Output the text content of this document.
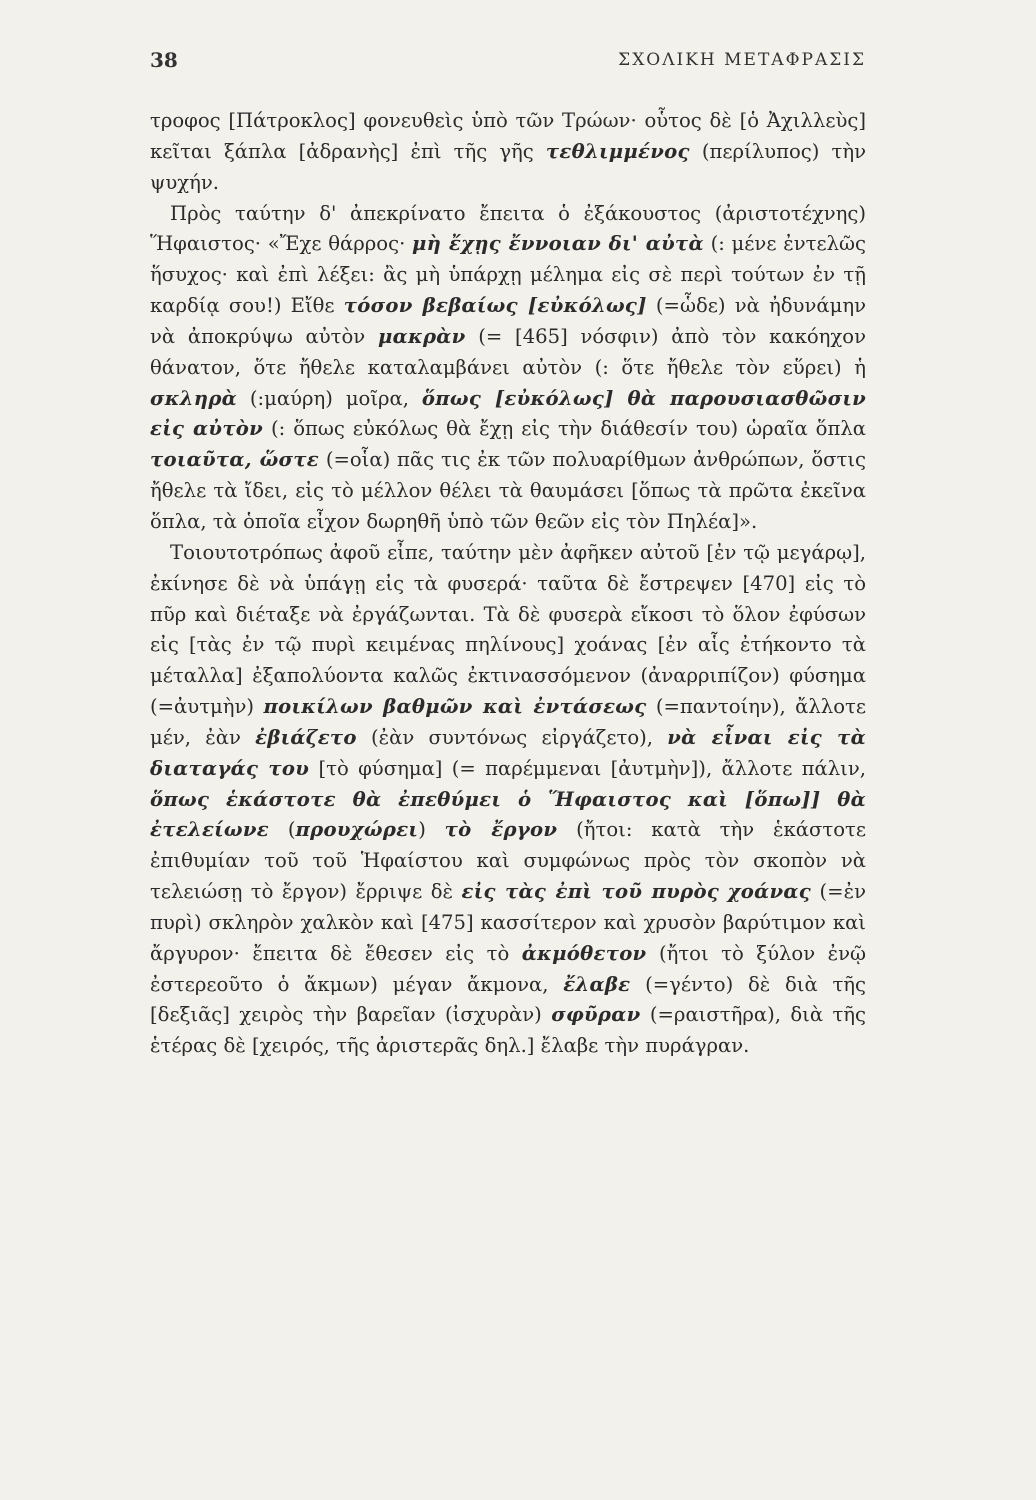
38	ΣΧΟΛΙΚΗ ΜΕΤΑΦΡΑΣΙΣ

τροφος [Πάτροκλος] φονευθεὶς ὑπὸ τῶν Τρώων· οὗτος δὲ [ὁ Ἀχιλλεὺς] κεῖται ξάπλα [ἀδρανὴς] ἐπὶ τῆς γῆς τεθλιμμένος (περίλυπος) τὴν ψυχήν.

Πρὸς ταύτην δ' ἀπεκρίνατο ἔπειτα ὁ ἐξάκουστος (ἀριστοτέχνης) Ἥφαιστος· «Ἔχε θάρρος· μὴ ἔχῃς ἔννοιαν δι' αὐτὰ (: μένε ἐντελῶς ἥσυχος· καὶ ἐπὶ λέξει: ἂς μὴ ὑπάρχῃ μέλημα εἰς σὲ περὶ τούτων ἐν τῇ καρδίᾳ σου!) Εἴθε τόσον βεβαίως [εὐκόλως] (=ὧδε) νὰ ἠδυνάμην νὰ ἀποκρύψω αὐτὸν μακρὰν (= [465] νόσφιν) ἀπὸ τὸν κακόηχον θάνατον, ὅτε ἤθελε καταλαμβάνει αὐτὸν (: ὅτε ἤθελε τὸν εὕρει) ἡ σκληρὰ (:μαύρη) μοῖρα, ὅπως [εὐκόλως] θὰ παρουσιασθῶσιν εἰς αὐτὸν (: ὅπως εὐκόλως θὰ ἔχῃ εἰς τὴν διάθεσίν του) ὡραῖα ὅπλα τοιαῦτα, ὥστε (=οἷα) πᾶς τις ἐκ τῶν πολυαρίθμων ἀνθρώπων, ὅστις ἤθελε τὰ ἴδει, εἰς τὸ μέλλον θέλει τὰ θαυμάσει [ὅπως τὰ πρῶτα ἐκεῖνα ὅπλα, τὰ ὁποῖα εἶχον δωρηθῆ ὑπὸ τῶν θεῶν εἰς τὸν Πηλέα]».

Τοιουτοτρόπως ἀφοῦ εἶπε, ταύτην μὲν ἀφῆκεν αὐτοῦ [ἐν τῷ μεγάρῳ], ἐκίνησε δὲ νὰ ὑπάγῃ εἰς τὰ φυσερά· ταῦτα δὲ ἔστρεψεν [470] εἰς τὸ πῦρ καὶ διέταξε νὰ ἐργάζωνται. Τὰ δὲ φυσερὰ εἴκοσι τὸ ὅλον ἐφύσων εἰς [τὰς ἐν τῷ πυρὶ κειμένας πηλίνους] χοάνας [ἐν αἷς ἐτήκοντο τὰ μέταλλα] ἐξαπολύοντα καλῶς ἐκτινασσόμενον (ἀναρριπίζον) φύσημα (=ἀυτμὴν) ποικίλων βαθμῶν καὶ ἐντάσεως (=παντοίην), ἄλλοτε μέν, ἐὰν ἐβιάζετο (ἐὰν συντόνως εἰργάζετο), νὰ εἶναι εἰς τὰ διαταγάς του [τὸ φύσημα] (= παρέμμεναι [ἀυτμὴν]), ἄλλοτε πάλιν, ὅπως ἑκάστοτε θὰ ἐπεθύμει ὁ Ἥφαιστος καὶ [ὅπω]] θὰ ἐτελείωνε (προυχώρει) τὸ ἔργον (ἤτοι: κατὰ τὴν ἑκάστοτε ἐπιθυμίαν τοῦ τοῦ Ἡφαίστου καὶ συμφώνως πρὸς τὸν σκοπὸν νὰ τελειώσῃ τὸ ἔργον) ἔρριψε δὲ εἰς τὰς ἐπὶ τοῦ πυρὸς χοάνας (=ἐν πυρὶ) σκληρὸν χαλκὸν καὶ [475] κασσίτερον καὶ χρυσὸν βαρύτιμον καὶ ἄργυρον· ἔπειτα δὲ ἔθεσεν εἰς τὸ ἀκμόθετον (ἤτοι τὸ ξύλον ἐνῷ ἐστερεοῦτο ὁ ἄκμων) μέγαν ἄκμονα, ἔλαβε (=γέντο) δὲ διὰ τῆς [δεξιᾶς] χειρὸς τὴν βαρεῖαν (ἰσχυρὰν) σφῦραν (=ραιστῆρα), διὰ τῆς ἑτέρας δὲ [χειρός, τῆς ἀριστερᾶς δηλ.] ἔλαβε τὴν πυράγραν.
